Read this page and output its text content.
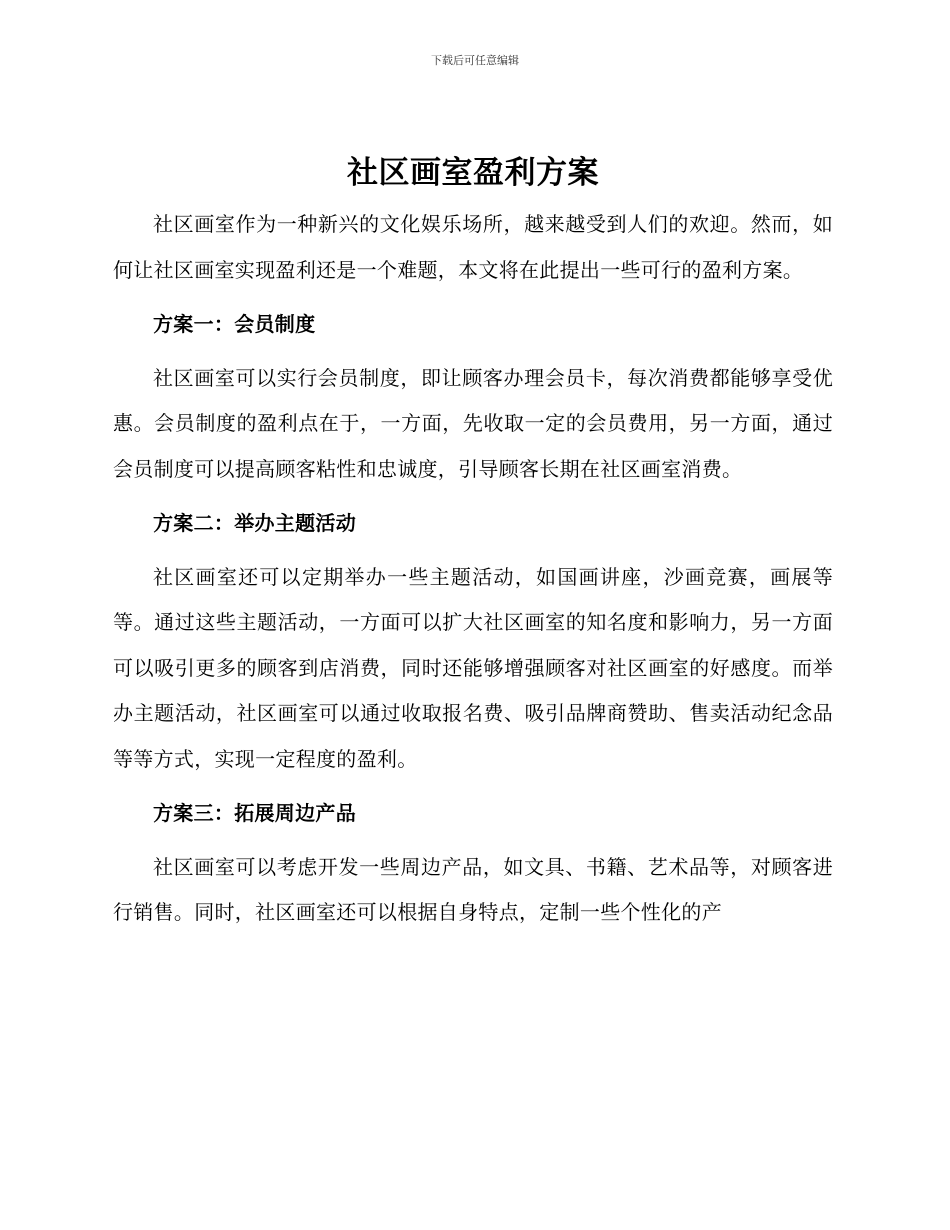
下载后可任意编辑
社区画室盈利方案

社区画室作为一种新兴的文化娱乐场所，越来越受到人们的欢迎。然而，如何让社区画室实现盈利还是一个难题，本文将在此提出一些可行的盈利方案。

方案一：会员制度

社区画室可以实行会员制度，即让顾客办理会员卡，每次消费都能够享受优惠。会员制度的盈利点在于，一方面，先收取一定的会员费用，另一方面，通过会员制度可以提高顾客粘性和忠诚度，引导顾客长期在社区画室消费。

方案二：举办主题活动

社区画室还可以定期举办一些主题活动，如国画讲座，沙画竞赛，画展等等。通过这些主题活动，一方面可以扩大社区画室的知名度和影响力，另一方面可以吸引更多的顾客到店消费，同时还能够增强顾客对社区画室的好感度。而举办主题活动，社区画室可以通过收取报名费、吸引品牌商赞助、售卖活动纪念品等等方式，实现一定程度的盈利。

方案三：拓展周边产品

社区画室可以考虑开发一些周边产品，如文具、书籍、艺术品等，对顾客进行销售。同时，社区画室还可以根据自身特点，定制一些个性化的产
